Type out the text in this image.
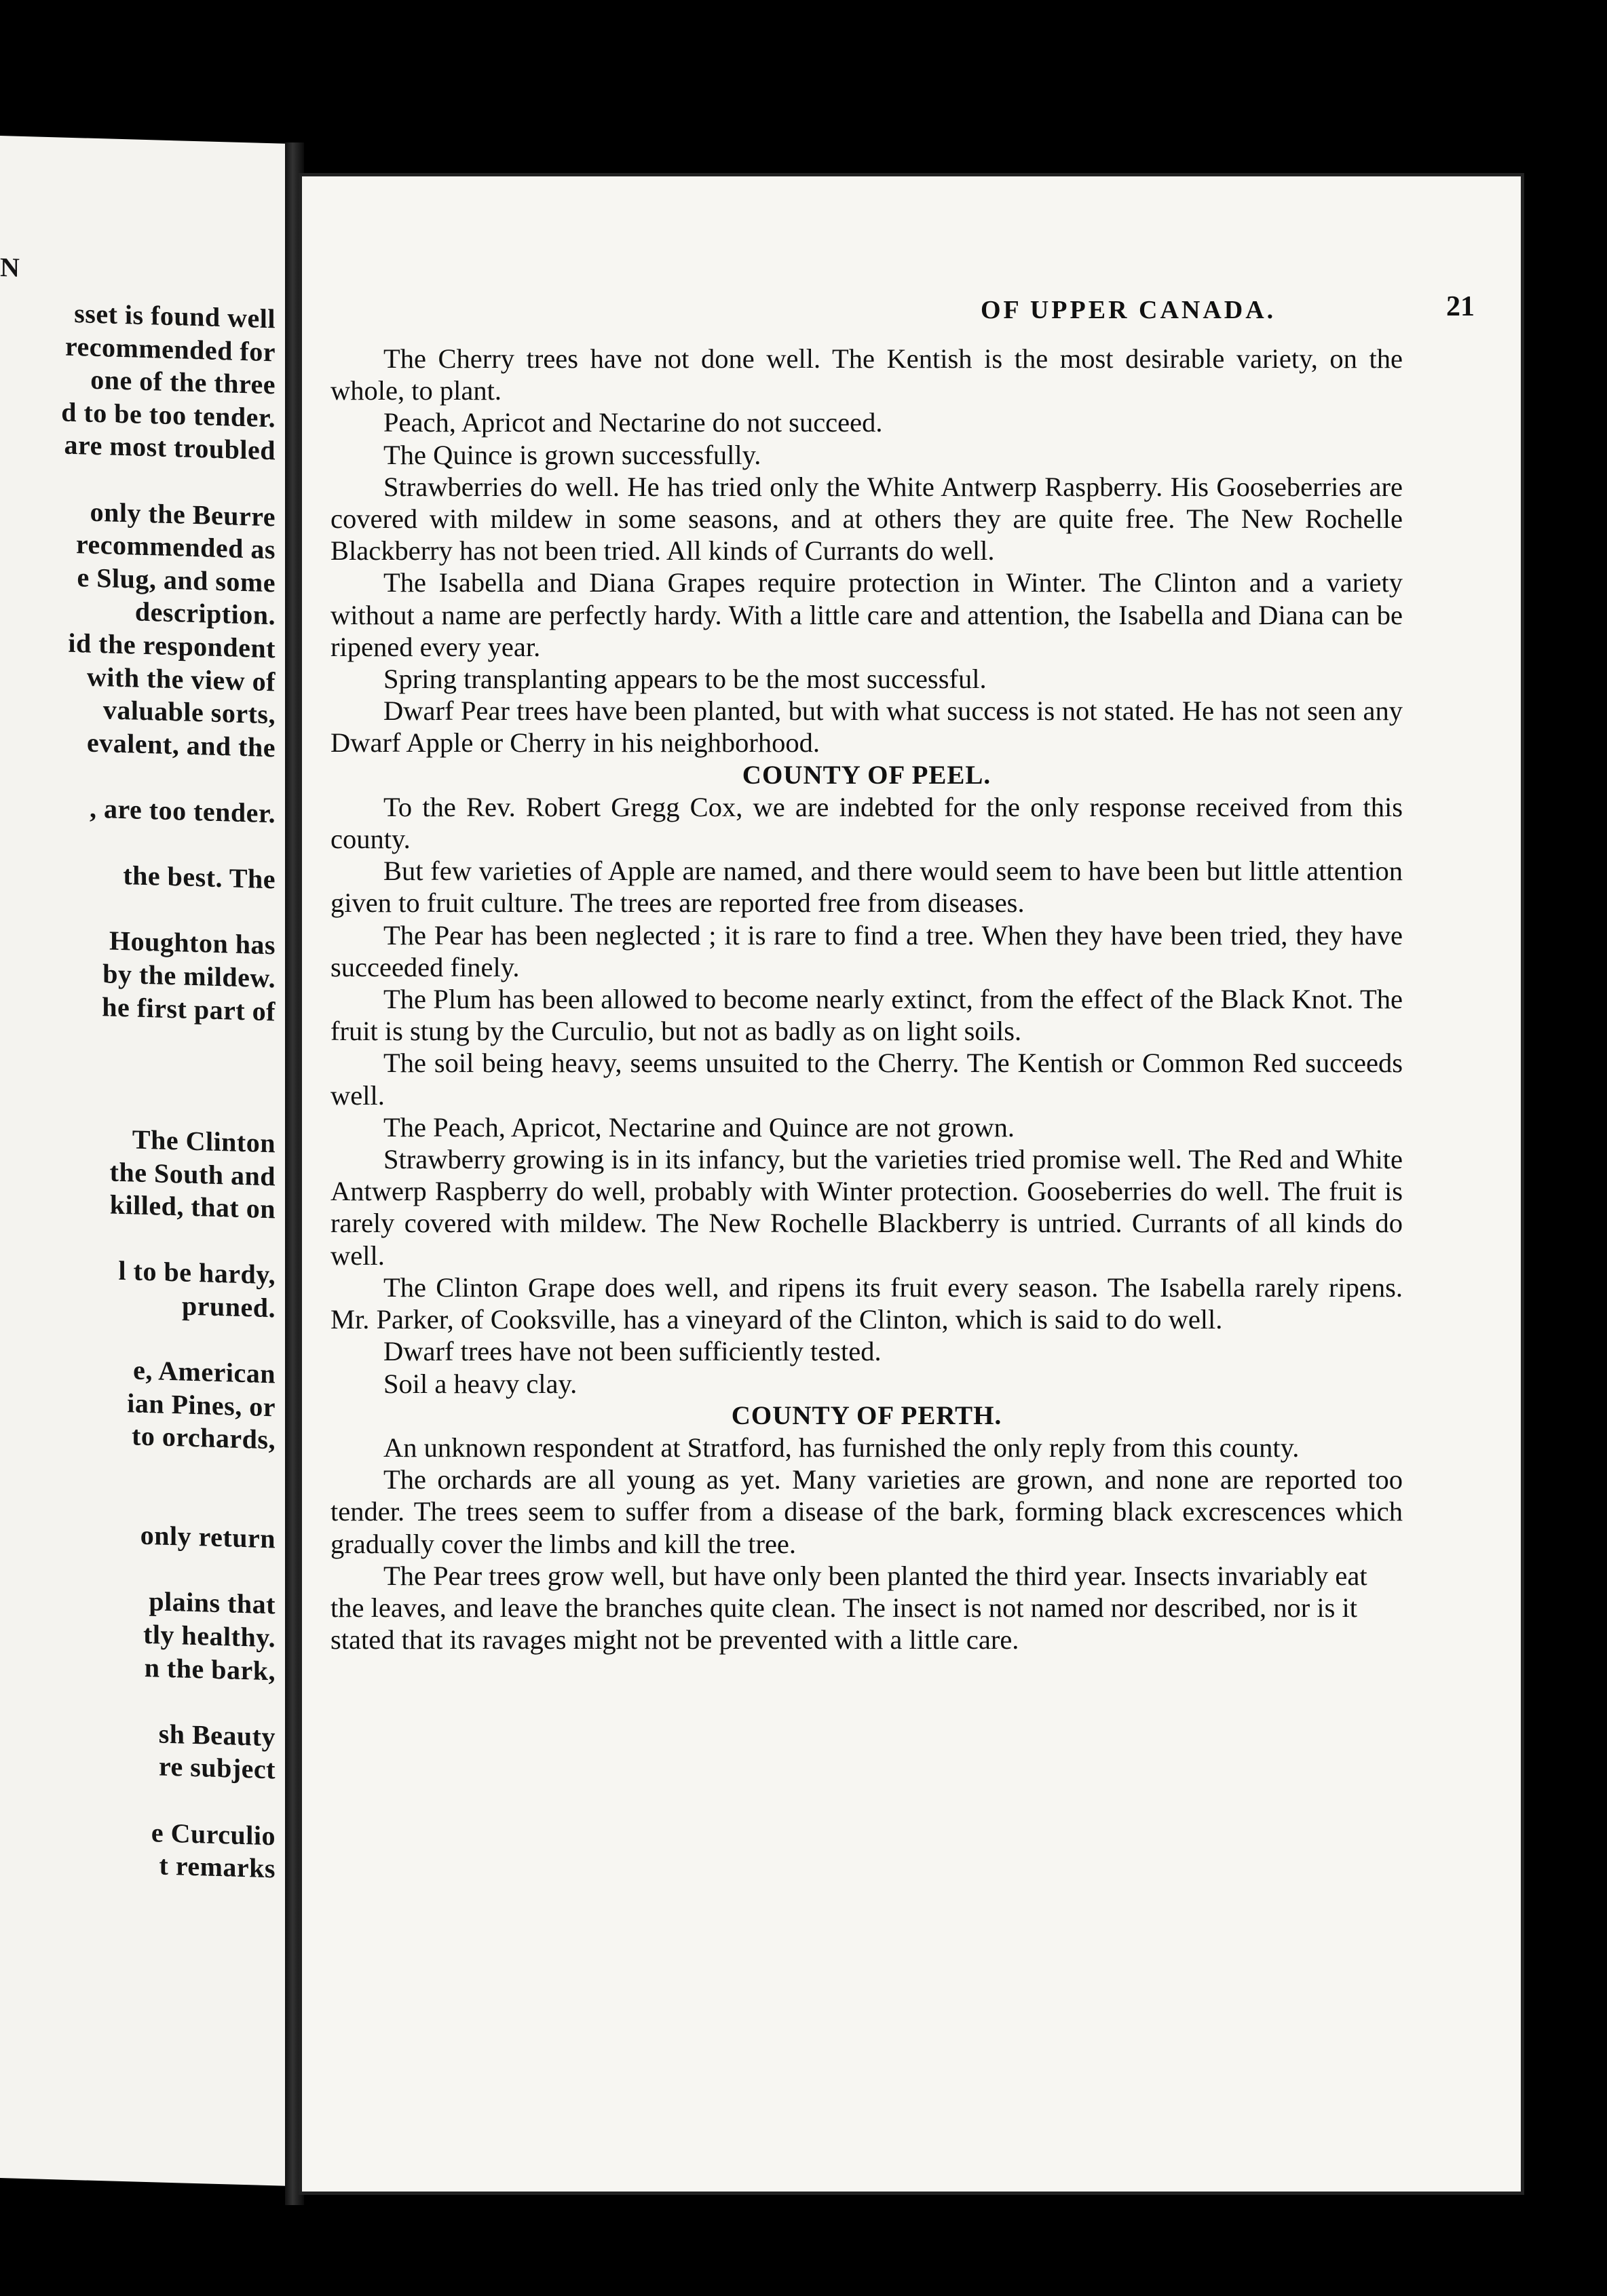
N
sset is found well
recommended for
one of the three
d to be too tender.
are most troubled
only the Beurre
recommended as
e Slug, and some
description.
id the respondent
with the view of
valuable sorts,
evalent, and the
, are too tender.
the best. The
Houghton has
by the mildew.
he first part of
The Clinton
the South and
killed, that on
l to be hardy,
pruned.
e, American
ian Pines, or
to orchards,
only return
plains that
tly healthy.
n the bark,
sh Beauty
re subject
e Curculio
t remarks
OF UPPER CANADA.	21

The Cherry trees have not done well. The Kentish is the most desirable variety, on the whole, to plant.

Peach, Apricot and Nectarine do not succeed.

The Quince is grown successfully.

Strawberries do well. He has tried only the White Antwerp Raspberry. His Gooseberries are covered with mildew in some seasons, and at others they are quite free. The New Rochelle Blackberry has not been tried. All kinds of Currants do well.

The Isabella and Diana Grapes require protection in Winter. The Clinton and a variety without a name are perfectly hardy. With a little care and attention, the Isabella and Diana can be ripened every year.

Spring transplanting appears to be the most successful.

Dwarf Pear trees have been planted, but with what success is not stated. He has not seen any Dwarf Apple or Cherry in his neighborhood.

COUNTY OF PEEL.

To the Rev. Robert Gregg Cox, we are indebted for the only response received from this county.

But few varieties of Apple are named, and there would seem to have been but little attention given to fruit culture. The trees are reported free from diseases.

The Pear has been neglected ; it is rare to find a tree. When they have been tried, they have succeeded finely.

The Plum has been allowed to become nearly extinct, from the effect of the Black Knot. The fruit is stung by the Curculio, but not as badly as on light soils.

The soil being heavy, seems unsuited to the Cherry. The Kentish or Common Red succeeds well.

The Peach, Apricot, Nectarine and Quince are not grown.

Strawberry growing is in its infancy, but the varieties tried promise well. The Red and White Antwerp Raspberry do well, probably with Winter protection. Gooseberries do well. The fruit is rarely covered with mildew. The New Rochelle Blackberry is untried. Currants of all kinds do well.

The Clinton Grape does well, and ripens its fruit every season. The Isabella rarely ripens. Mr. Parker, of Cooksville, has a vineyard of the Clinton, which is said to do well.

Dwarf trees have not been sufficiently tested.

Soil a heavy clay.

COUNTY OF PERTH.

An unknown respondent at Stratford, has furnished the only reply from this county.

The orchards are all young as yet. Many varieties are grown, and none are reported too tender. The trees seem to suffer from a disease of the bark, forming black excrescences which gradually cover the limbs and kill the tree.

The Pear trees grow well, but have only been planted the third year. Insects invariably eat the leaves, and leave the branches quite clean. The insect is not named nor described, nor is it stated that its ravages might not be prevented with a little care.
